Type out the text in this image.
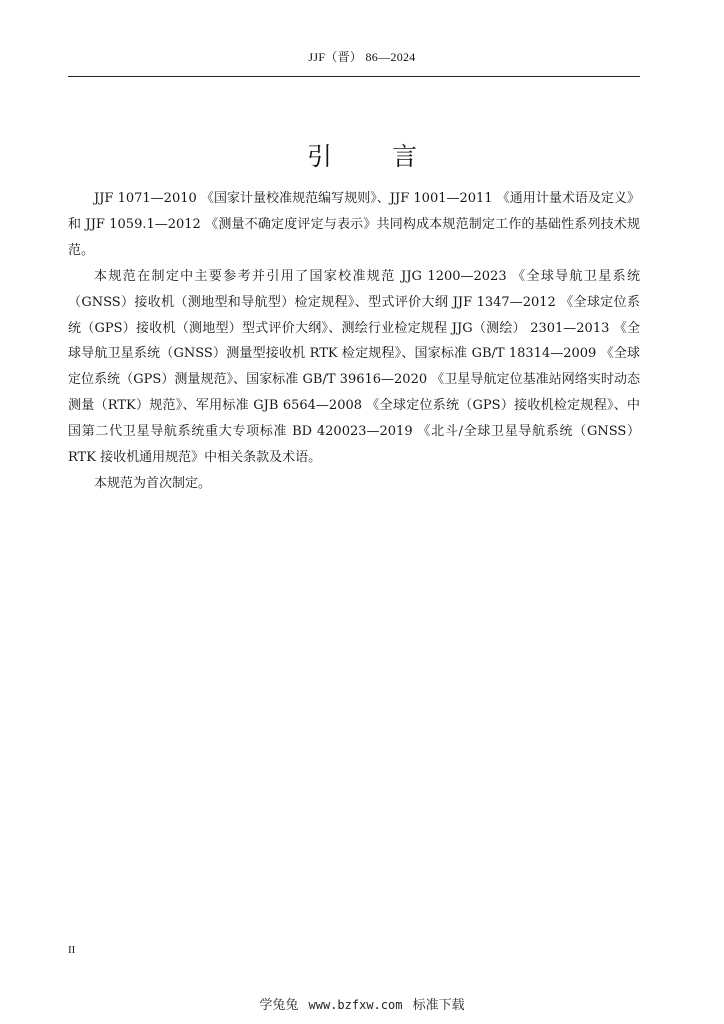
JJF（晋） 86—2024
引言

JJF 1071—2010 《国家计量校准规范编写规则》、JJF 1001—2011 《通用计量术语及定义》和 JJF 1059.1—2012 《测量不确定度评定与表示》共同构成本规范制定工作的基础性系列技术规范。

本规范在制定中主要参考并引用了国家校准规范 JJG 1200—2023 《全球导航卫星系统（GNSS）接收机（测地型和导航型）检定规程》、型式评价大纲 JJF 1347—2012 《全球定位系统（GPS）接收机（测地型）型式评价大纲》、测绘行业检定规程 JJG（测绘） 2301—2013 《全球导航卫星系统（GNSS）测量型接收机 RTK 检定规程》、国家标准 GB/T 18314—2009 《全球定位系统（GPS）测量规范》、国家标准 GB/T 39616—2020 《卫星导航定位基准站网络实时动态测量（RTK）规范》、军用标准 GJB 6564—2008 《全球定位系统（GPS）接收机检定规程》、中国第二代卫星导航系统重大专项标准 BD 420023—2019 《北斗/全球卫星导航系统（GNSS）RTK 接收机通用规范》中相关条款及术语。

本规范为首次制定。

II
学兔兔 www.bzfxw.com 标准下载
